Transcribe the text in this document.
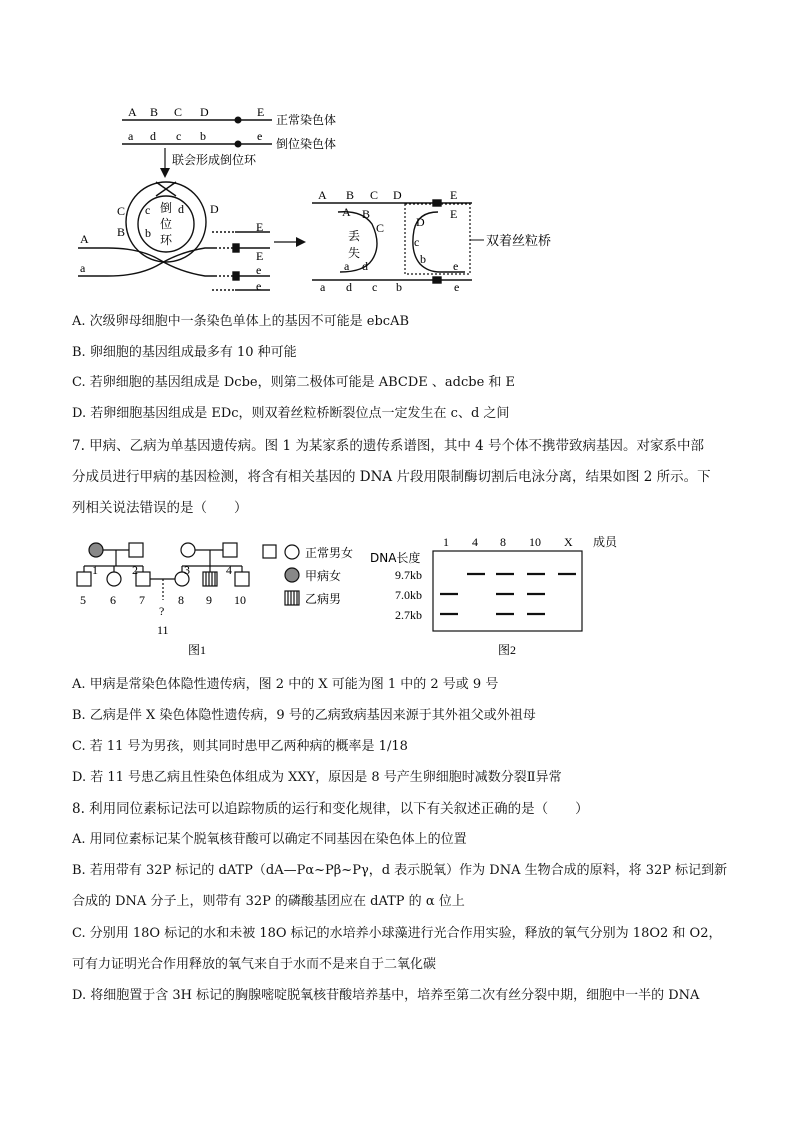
A B C D	E
正常染色体
a d c b	e
倒位染色体
联会形成倒位环
倒
位
环
C
B
c
b
d D
A
a
E
E
e
e
A B C D	E
A B
C
a d
丢
失
D
E
c
b e
a d c b	e
双着丝粒桥
A. 次级卵母细胞中一条染色单体上的基因不可能是 ebcAB
B. 卵细胞的基因组成最多有 10 种可能
C. 若卵细胞的基因组成是 Dcbe，则第二极体可能是 ABCDE 、adcbe 和 E
D. 若卵细胞基因组成是 EDc，则双着丝粒桥断裂位点一定发生在 c、d 之间
7. 甲病、乙病为单基因遗传病。图 1 为某家系的遗传系谱图，其中 4 号个体不携带致病基因。对家系中部
分成员进行甲病的基因检测，将含有相关基因的 DNA 片段用限制酶切割后电泳分离，结果如图 2 所示。下
列相关说法错误的是（　　）
1	2	3	4
5 6 7	8 9 10
?
11
图1
正常男女
甲病女
乙病男
1 4 8 10 X 成员
DNA长度
9.7kb
7.0kb
2.7kb
图2
A. 甲病是常染色体隐性遗传病，图 2 中的 X 可能为图 1 中的 2 号或 9 号
B. 乙病是伴 X 染色体隐性遗传病，9 号的乙病致病基因来源于其外祖父或外祖母
C. 若 11 号为男孩，则其同时患甲乙两种病的概率是 1/18
D. 若 11 号患乙病且性染色体组成为 XXY，原因是 8 号产生卵细胞时减数分裂Ⅱ异常
8. 利用同位素标记法可以追踪物质的运行和变化规律，以下有关叙述正确的是（　　）
A. 用同位素标记某个脱氧核苷酸可以确定不同基因在染色体上的位置
B. 若用带有 32P 标记的 dATP（dA—Pα~Pβ~Pγ，d 表示脱氧）作为 DNA 生物合成的原料，将 32P 标记到新
合成的 DNA 分子上，则带有 32P 的磷酸基团应在 dATP 的 α 位上
C. 分别用 18O 标记的水和未被 18O 标记的水培养小球藻进行光合作用实验，释放的氧气分别为 18O2 和 O2，
可有力证明光合作用释放的氧气来自于水而不是来自于二氧化碳
D. 将细胞置于含 3H 标记的胸腺嘧啶脱氧核苷酸培养基中，培养至第二次有丝分裂中期，细胞中一半的 DNA
